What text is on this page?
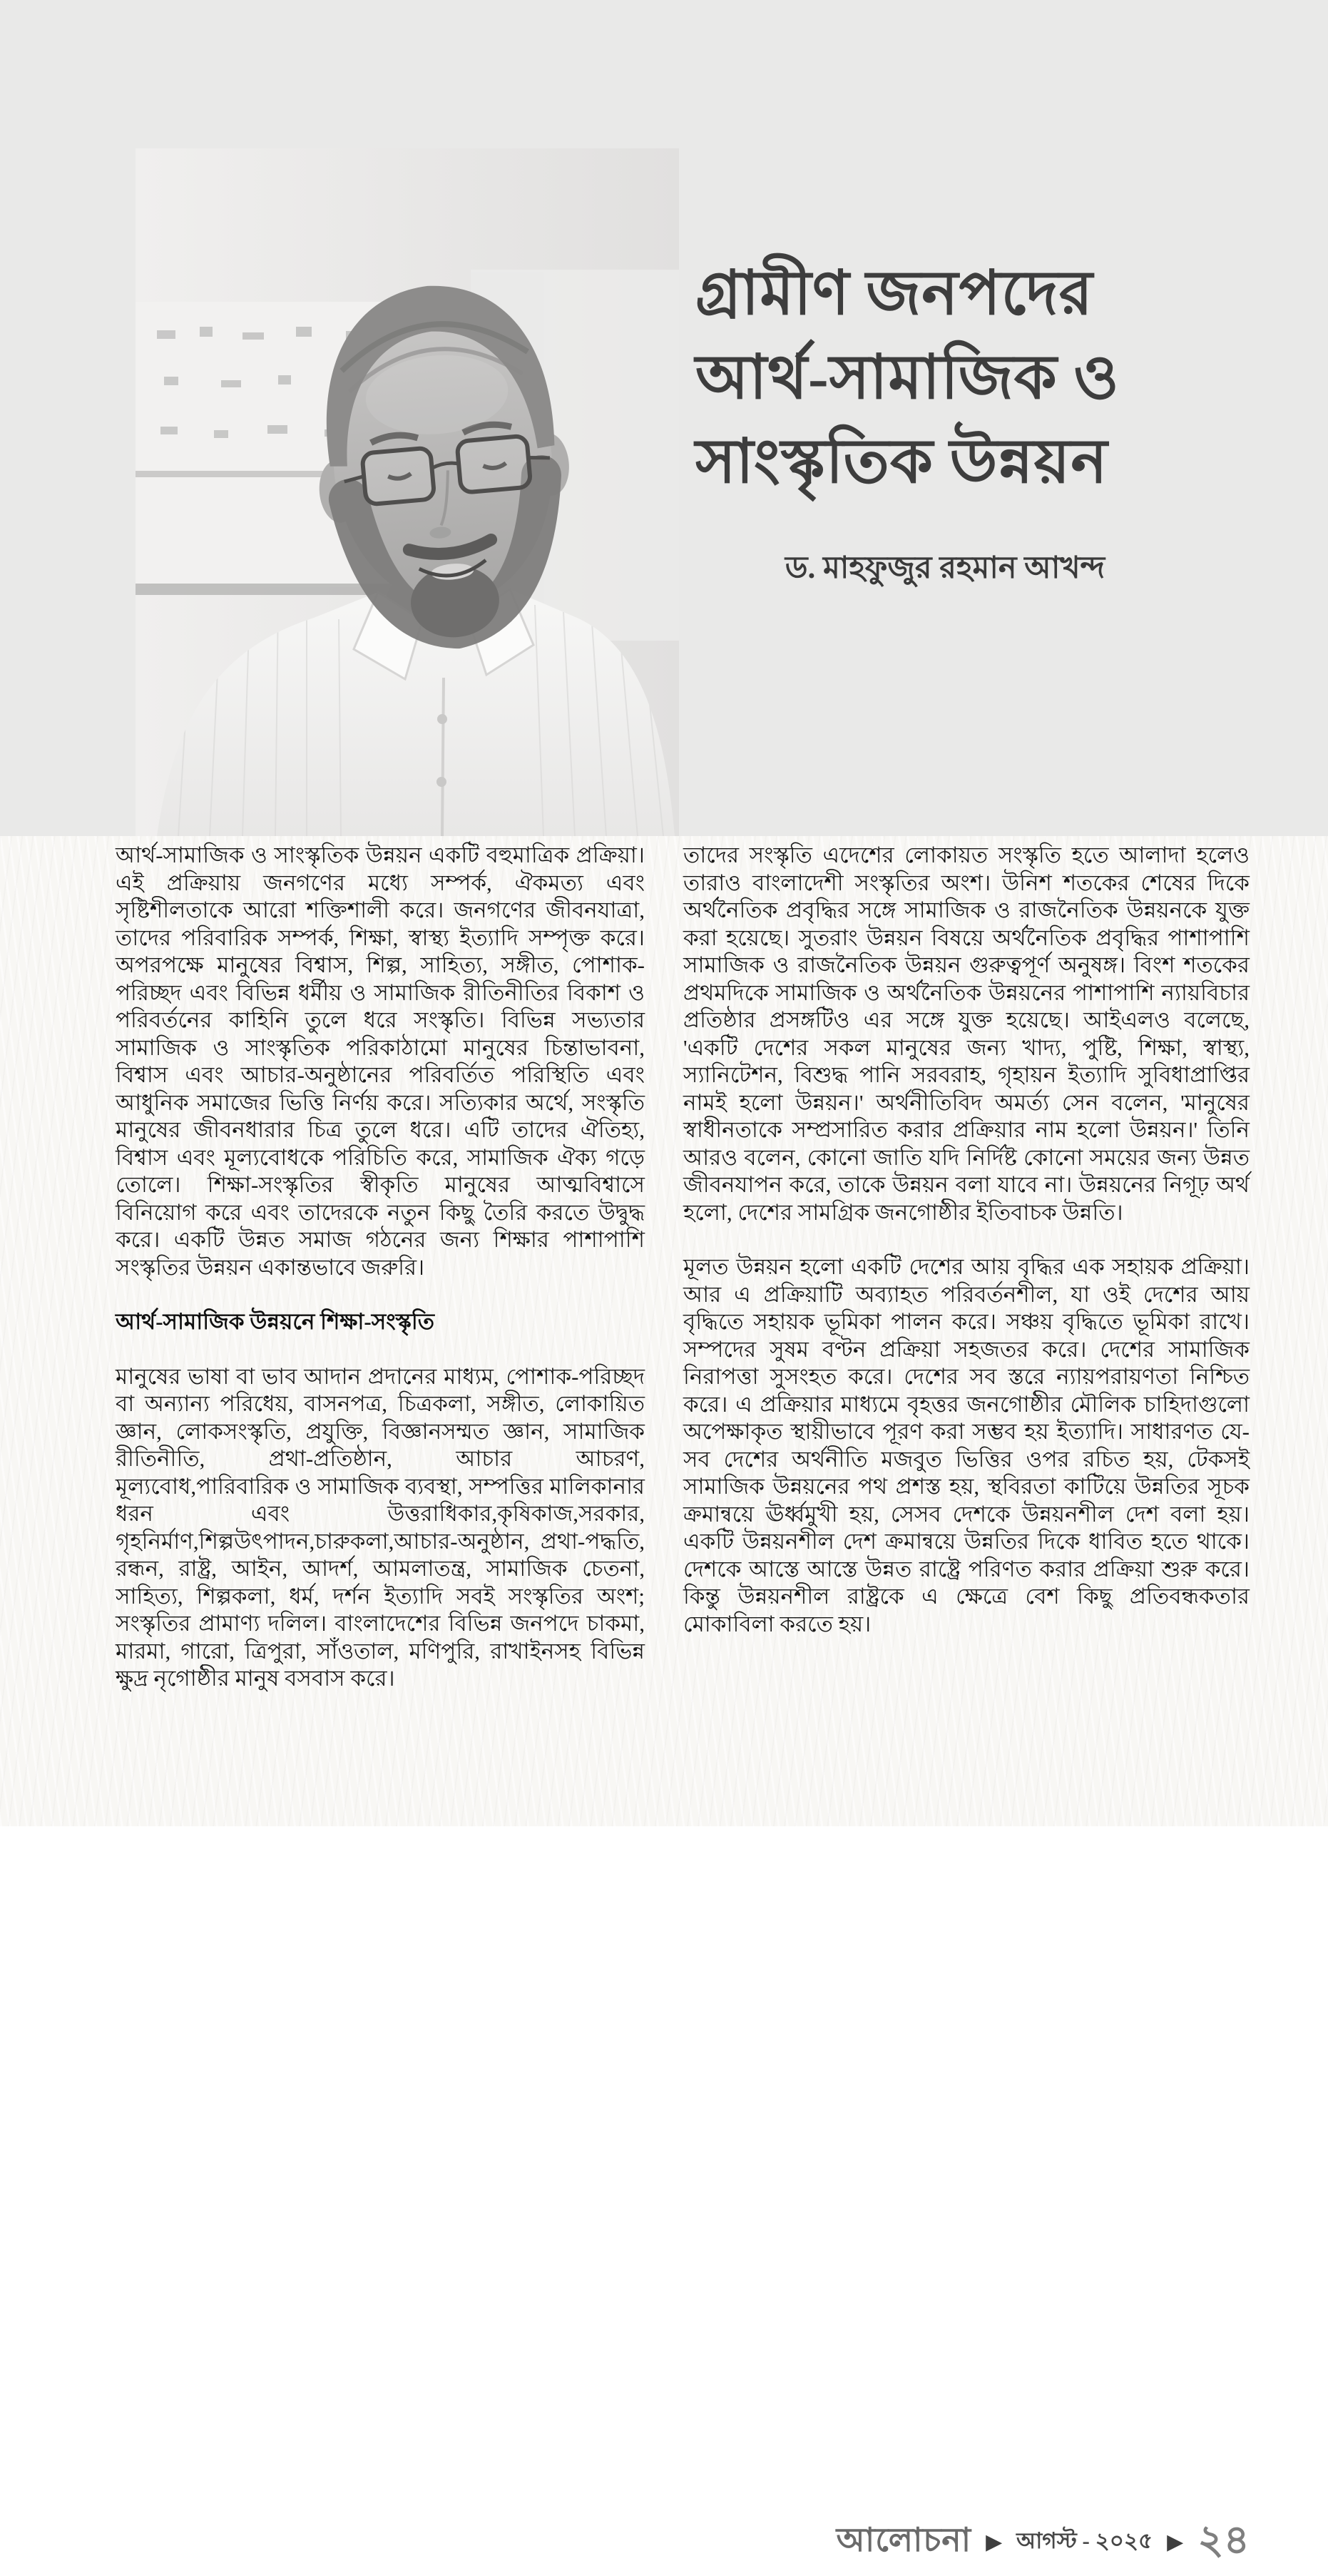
গ্রামীণ জনপদের
আর্থ-সামাজিক ও
সাংস্কৃতিক উন্নয়ন
ড. মাহফুজুর রহমান আখন্দ

আর্থ-সামাজিক ও সাংস্কৃতিক উন্নয়ন একটি বহুমাত্রিক প্রক্রিয়া। এই প্রক্রিয়ায় জনগণের মধ্যে সম্পর্ক, ঐকমত্য এবং সৃষ্টিশীলতাকে আরো শক্তিশালী করে। জনগণের জীবনযাত্রা, তাদের পরিবারিক সম্পর্ক, শিক্ষা, স্বাস্থ্য ইত্যাদি সম্পৃক্ত করে। অপরপক্ষে মানুষের বিশ্বাস, শিল্প, সাহিত্য, সঙ্গীত, পোশাক-পরিচ্ছদ এবং বিভিন্ন ধর্মীয় ও সামাজিক রীতিনীতির বিকাশ ও পরিবর্তনের কাহিনি তুলে ধরে সংস্কৃতি। বিভিন্ন সভ্যতার সামাজিক ও সাংস্কৃতিক পরিকাঠামো মানুষের চিন্তাভাবনা, বিশ্বাস এবং আচার-অনুষ্ঠানের পরিবর্তিত পরিস্থিতি এবং আধুনিক সমাজের ভিত্তি নির্ণয় করে। সত্যিকার অর্থে, সংস্কৃতি মানুষের জীবনধারার চিত্র তুলে ধরে। এটি তাদের ঐতিহ্য, বিশ্বাস এবং মূল্যবোধকে পরিচিতি করে, সামাজিক ঐক্য গড়ে তোলে। শিক্ষা-সংস্কৃতির স্বীকৃতি মানুষের আত্মবিশ্বাসে বিনিয়োগ করে এবং তাদেরকে নতুন কিছু তৈরি করতে উদ্বুদ্ধ করে। একটি উন্নত সমাজ গঠনের জন্য শিক্ষার পাশাপাশি সংস্কৃতির উন্নয়ন একান্তভাবে জরুরি।

আর্থ-সামাজিক উন্নয়নে শিক্ষা-সংস্কৃতি

মানুষের ভাষা বা ভাব আদান প্রদানের মাধ্যম, পোশাক-পরিচ্ছদ বা অন্যান্য পরিধেয়, বাসনপত্র, চিত্রকলা, সঙ্গীত, লোকায়িত জ্ঞান, লোকসংস্কৃতি, প্রযুক্তি, বিজ্ঞানসম্মত জ্ঞান, সামাজিক রীতিনীতি, প্রথা-প্রতিষ্ঠান, আচার আচরণ, মূল্যবোধ,পারিবারিক ও সামাজিক ব্যবস্থা, সম্পত্তির মালিকানার ধরন এবং উত্তরাধিকার,কৃষিকাজ,সরকার, গৃহনির্মাণ,শিল্পউৎপাদন,চারুকলা,আচার-অনুষ্ঠান, প্রথা-পদ্ধতি, রন্ধন, রাষ্ট্র, আইন, আদর্শ, আমলাতন্ত্র, সামাজিক চেতনা, সাহিত্য, শিল্পকলা, ধর্ম, দর্শন ইত্যাদি সবই সংস্কৃতির অংশ; সংস্কৃতির প্রামাণ্য দলিল। বাংলাদেশের বিভিন্ন জনপদে চাকমা, মারমা, গারো, ত্রিপুরা, সাঁওতাল, মণিপুরি, রাখাইনসহ বিভিন্ন ক্ষুদ্র নৃগোষ্ঠীর মানুষ বসবাস করে।

তাদের সংস্কৃতি এদেশের লোকায়ত সংস্কৃতি হতে আলাদা হলেও তারাও বাংলাদেশী সংস্কৃতির অংশ। উনিশ শতকের শেষের দিকে অর্থনৈতিক প্রবৃদ্ধির সঙ্গে সামাজিক ও রাজনৈতিক উন্নয়নকে যুক্ত করা হয়েছে। সুতরাং উন্নয়ন বিষয়ে অর্থনৈতিক প্রবৃদ্ধির পাশাপাশি সামাজিক ও রাজনৈতিক উন্নয়ন গুরুত্বপূর্ণ অনুষঙ্গ। বিংশ শতকের প্রথমদিকে সামাজিক ও অর্থনৈতিক উন্নয়নের পাশাপাশি ন্যায়বিচার প্রতিষ্ঠার প্রসঙ্গটিও এর সঙ্গে যুক্ত হয়েছে। আইএলও বলেছে, 'একটি দেশের সকল মানুষের জন্য খাদ্য, পুষ্টি, শিক্ষা, স্বাস্থ্য, স্যানিটেশন, বিশুদ্ধ পানি সরবরাহ, গৃহায়ন ইত্যাদি সুবিধাপ্রাপ্তির নামই হলো উন্নয়ন।' অর্থনীতিবিদ অমর্ত্য সেন বলেন, 'মানুষের স্বাধীনতাকে সম্প্রসারিত করার প্রক্রিয়ার নাম হলো উন্নয়ন।' তিনি আরও বলেন, কোনো জাতি যদি নির্দিষ্ট কোনো সময়ের জন্য উন্নত জীবনযাপন করে, তাকে উন্নয়ন বলা যাবে না। উন্নয়নের নিগূঢ় অর্থ হলো, দেশের সামগ্রিক জনগোষ্ঠীর ইতিবাচক উন্নতি।

মূলত উন্নয়ন হলো একটি দেশের আয় বৃদ্ধির এক সহায়ক প্রক্রিয়া। আর এ প্রক্রিয়াটি অব্যাহত পরিবর্তনশীল, যা ওই দেশের আয় বৃদ্ধিতে সহায়ক ভূমিকা পালন করে। সঞ্চয় বৃদ্ধিতে ভূমিকা রাখে। সম্পদের সুষম বণ্টন প্রক্রিয়া সহজতর করে। দেশের সামাজিক নিরাপত্তা সুসংহত করে। দেশের সব স্তরে ন্যায়পরায়ণতা নিশ্চিত করে। এ প্রক্রিয়ার মাধ্যমে বৃহত্তর জনগোষ্ঠীর মৌলিক চাহিদাগুলো অপেক্ষাকৃত স্থায়ীভাবে পূরণ করা সম্ভব হয় ইত্যাদি। সাধারণত যে-সব দেশের অর্থনীতি মজবুত ভিত্তির ওপর রচিত হয়, টেকসই সামাজিক উন্নয়নের পথ প্রশস্ত হয়, স্থবিরতা কাটিয়ে উন্নতির সূচক ক্রমান্বয়ে ঊর্ধ্বমুখী হয়, সেসব দেশকে উন্নয়নশীল দেশ বলা হয়। একটি উন্নয়নশীল দেশ ক্রমান্বয়ে উন্নতির দিকে ধাবিত হতে থাকে। দেশকে আস্তে আস্তে উন্নত রাষ্ট্রে পরিণত করার প্রক্রিয়া শুরু করে। কিন্তু উন্নয়নশীল রাষ্ট্রকে এ ক্ষেত্রে বেশ কিছু প্রতিবন্ধকতার মোকাবিলা করতে হয়।

আলোচনা ▶ আগস্ট - ২০২৫ ▶ ২৪
